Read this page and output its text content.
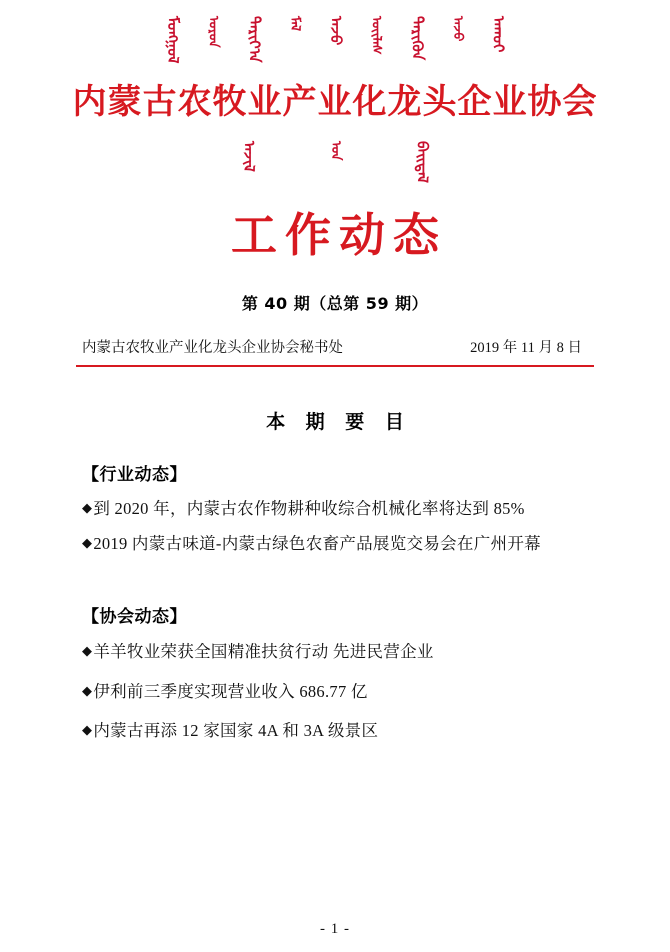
ᠮᠣᠩᠭᠣᠯ ᠣᠷᠣᠨ ᠲᠠᠷᠢᠶ᠎ᠠ ᠮᠠᠯ ᠠᠵᠤ ᠦᠢᠯᠡᠰ ᠲᠡᠷᠢᠭᠦᠨ ᠠᠵᠤ ᠠᠬᠤᠢ
内蒙古农牧业产业化龙头企业协会
ᠠᠵᠢᠯ	ᠤᠨ	ᠪᠠᠢᠳᠠᠯ
工作动态
第 40 期（总第 59 期）
内蒙古农牧业产业化龙头企业协会秘书处	2019 年 11 月 8 日
本 期 要 目
【行业动态】
◆到 2020 年，内蒙古农作物耕种收综合机械化率将达到 85%
◆2019 内蒙古味道-内蒙古绿色农畜产品展览交易会在广州开幕
【协会动态】
◆羊羊牧业荣获全国精准扶贫行动 先进民营企业
◆伊利前三季度实现营业收入 686.77 亿
◆内蒙古再添 12 家国家 4A 和 3A 级景区
- 1 -
